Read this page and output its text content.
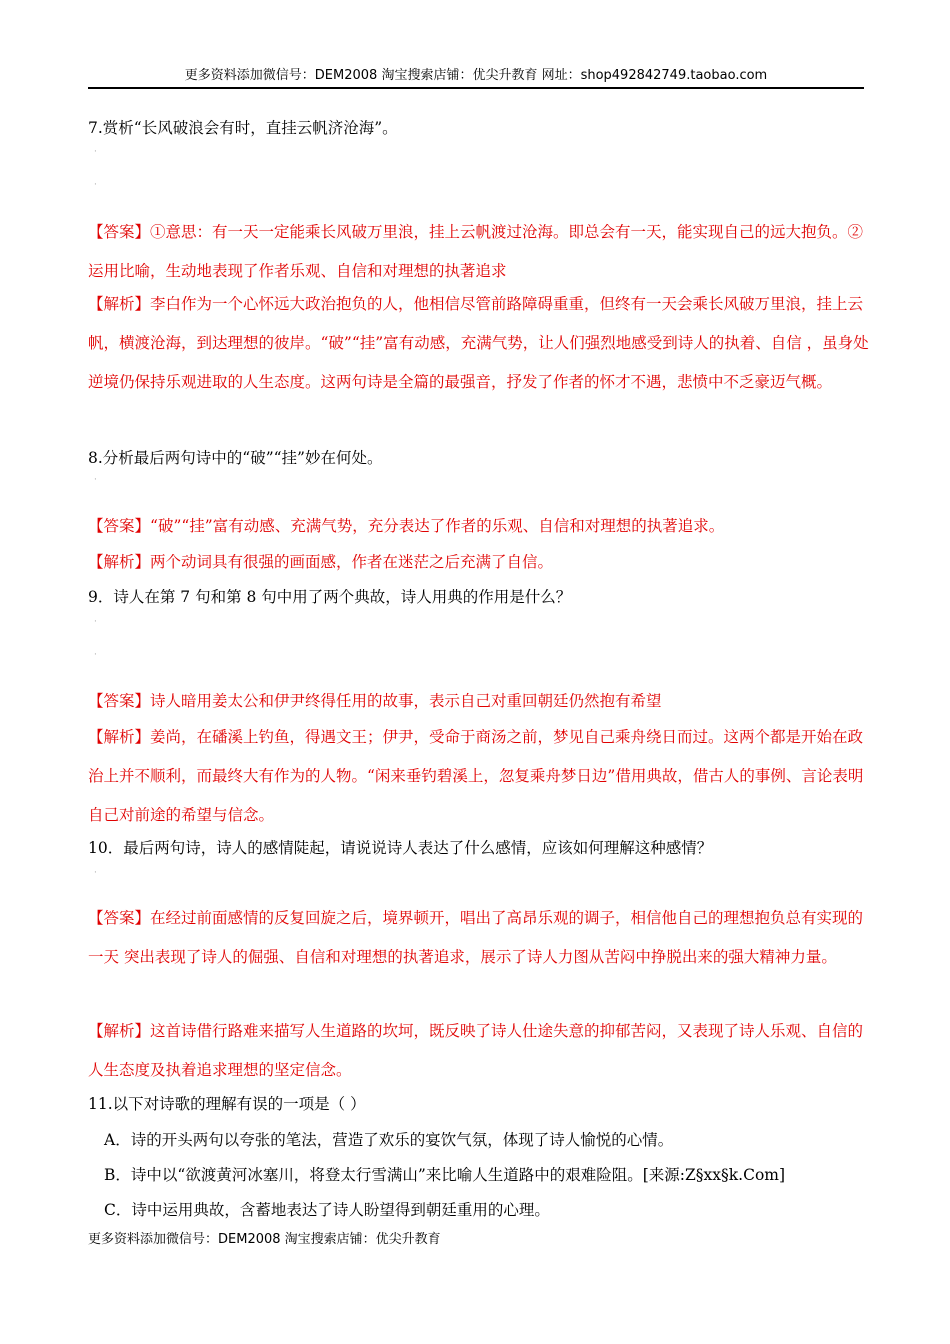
更多资料添加微信号：DEM2008 淘宝搜索店铺：优尖升教育 网址：shop492842749.taobao.com
7.赏析“长风破浪会有时，直挂云帆济沧海”。
·
·
【答案】①意思：有一天一定能乘长风破万里浪，挂上云帆渡过沧海。即总会有一天，能实现自己的远大抱负。②运用比喻，生动地表现了作者乐观、自信和对理想的执著追求
【解析】李白作为一个心怀远大政治抱负的人，他相信尽管前路障碍重重，但终有一天会乘长风破万里浪，挂上云帆，横渡沧海，到达理想的彼岸。“破”“挂”富有动感，充满气势，让人们强烈地感受到诗人的执着、自信 ，虽身处逆境仍保持乐观进取的人生态度。这两句诗是全篇的最强音，抒发了作者的怀才不遇，悲愤中不乏豪迈气概。
8.分析最后两句诗中的“破”“挂”妙在何处。
·
【答案】“破”“挂”富有动感、充满气势，充分表达了作者的乐观、自信和对理想的执著追求。
【解析】两个动词具有很强的画面感，作者在迷茫之后充满了自信。
9．诗人在第 7 句和第 8 句中用了两个典故，诗人用典的作用是什么？
·
·
【答案】诗人暗用姜太公和伊尹终得任用的故事，表示自己对重回朝廷仍然抱有希望
【解析】姜尚，在磻溪上钓鱼，得遇文王；伊尹，受命于商汤之前，梦见自己乘舟绕日而过。这两个都是开始在政治上并不顺利，而最终大有作为的人物。“闲来垂钓碧溪上，忽复乘舟梦日边”借用典故，借古人的事例、言论表明自己对前途的希望与信念。
10．最后两句诗，诗人的感情陡起，请说说诗人表达了什么感情，应该如何理解这种感情？
·
【答案】在经过前面感情的反复回旋之后，境界顿开，唱出了高昂乐观的调子，相信他自己的理想抱负总有实现的一天 突出表现了诗人的倔强、自信和对理想的执著追求，展示了诗人力图从苦闷中挣脱出来的强大精神力量。
【解析】这首诗借行路难来描写人生道路的坎坷，既反映了诗人仕途失意的抑郁苦闷，又表现了诗人乐观、自信的人生态度及执着追求理想的坚定信念。
11.以下对诗歌的理解有误的一项是（ ）
A．诗的开头两句以夸张的笔法，营造了欢乐的宴饮气氛，体现了诗人愉悦的心情。
B．诗中以“欲渡黄河冰塞川，将登太行雪满山”来比喻人生道路中的艰难险阻。[来源:Z§xx§k.Com]
C．诗中运用典故，含蓄地表达了诗人盼望得到朝廷重用的心理。
更多资料添加微信号：DEM2008 淘宝搜索店铺：优尖升教育
